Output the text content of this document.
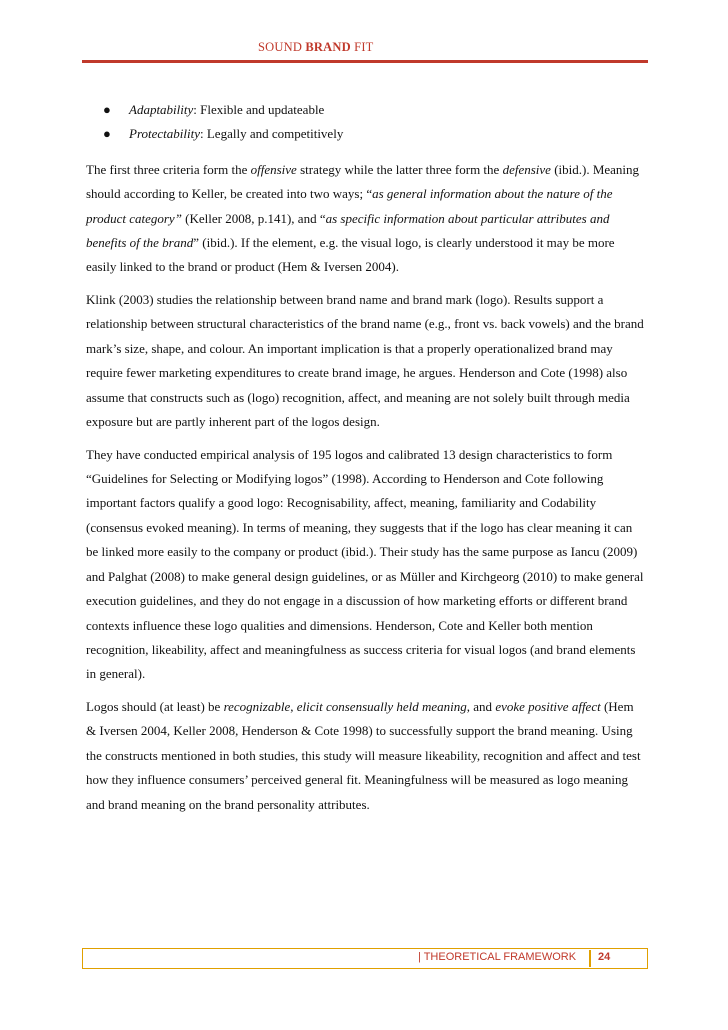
SOUND BRAND FIT
● Adaptability: Flexible and updateable
● Protectability: Legally and competitively

The first three criteria form the offensive strategy while the latter three form the defensive (ibid.). Meaning should according to Keller, be created into two ways; “as general information about the nature of the product category” (Keller 2008, p.141), and “as specific information about particular attributes and benefits of the brand” (ibid.). If the element, e.g. the visual logo, is clearly understood it may be more easily linked to the brand or product (Hem & Iversen 2004).

Klink (2003) studies the relationship between brand name and brand mark (logo). Results support a relationship between structural characteristics of the brand name (e.g., front vs. back vowels) and the brand mark’s size, shape, and colour. An important implication is that a properly operationalized brand may require fewer marketing expenditures to create brand image, he argues. Henderson and Cote (1998) also assume that constructs such as (logo) recognition, affect, and meaning are not solely built through media exposure but are partly inherent part of the logos design.

They have conducted empirical analysis of 195 logos and calibrated 13 design characteristics to form “Guidelines for Selecting or Modifying logos” (1998). According to Henderson and Cote following important factors qualify a good logo: Recognisability, affect, meaning, familiarity and Codability (consensus evoked meaning). In terms of meaning, they suggests that if the logo has clear meaning it can be linked more easily to the company or product (ibid.). Their study has the same purpose as Iancu (2009) and Palghat (2008) to make general design guidelines, or as Müller and Kirchgeorg (2010) to make general execution guidelines, and they do not engage in a discussion of how marketing efforts or different brand contexts influence these logo qualities and dimensions. Henderson, Cote and Keller both mention recognition, likeability, affect and meaningfulness as success criteria for visual logos (and brand elements in general).

Logos should (at least) be recognizable, elicit consensually held meaning, and evoke positive affect (Hem & Iversen 2004, Keller 2008, Henderson & Cote 1998) to successfully support the brand meaning. Using the constructs mentioned in both studies, this study will measure likeability, recognition and affect and test how they influence consumers’ perceived general fit. Meaningfulness will be measured as logo meaning and brand meaning on the brand personality attributes.

| THEORETICAL FRAMEWORK 24
